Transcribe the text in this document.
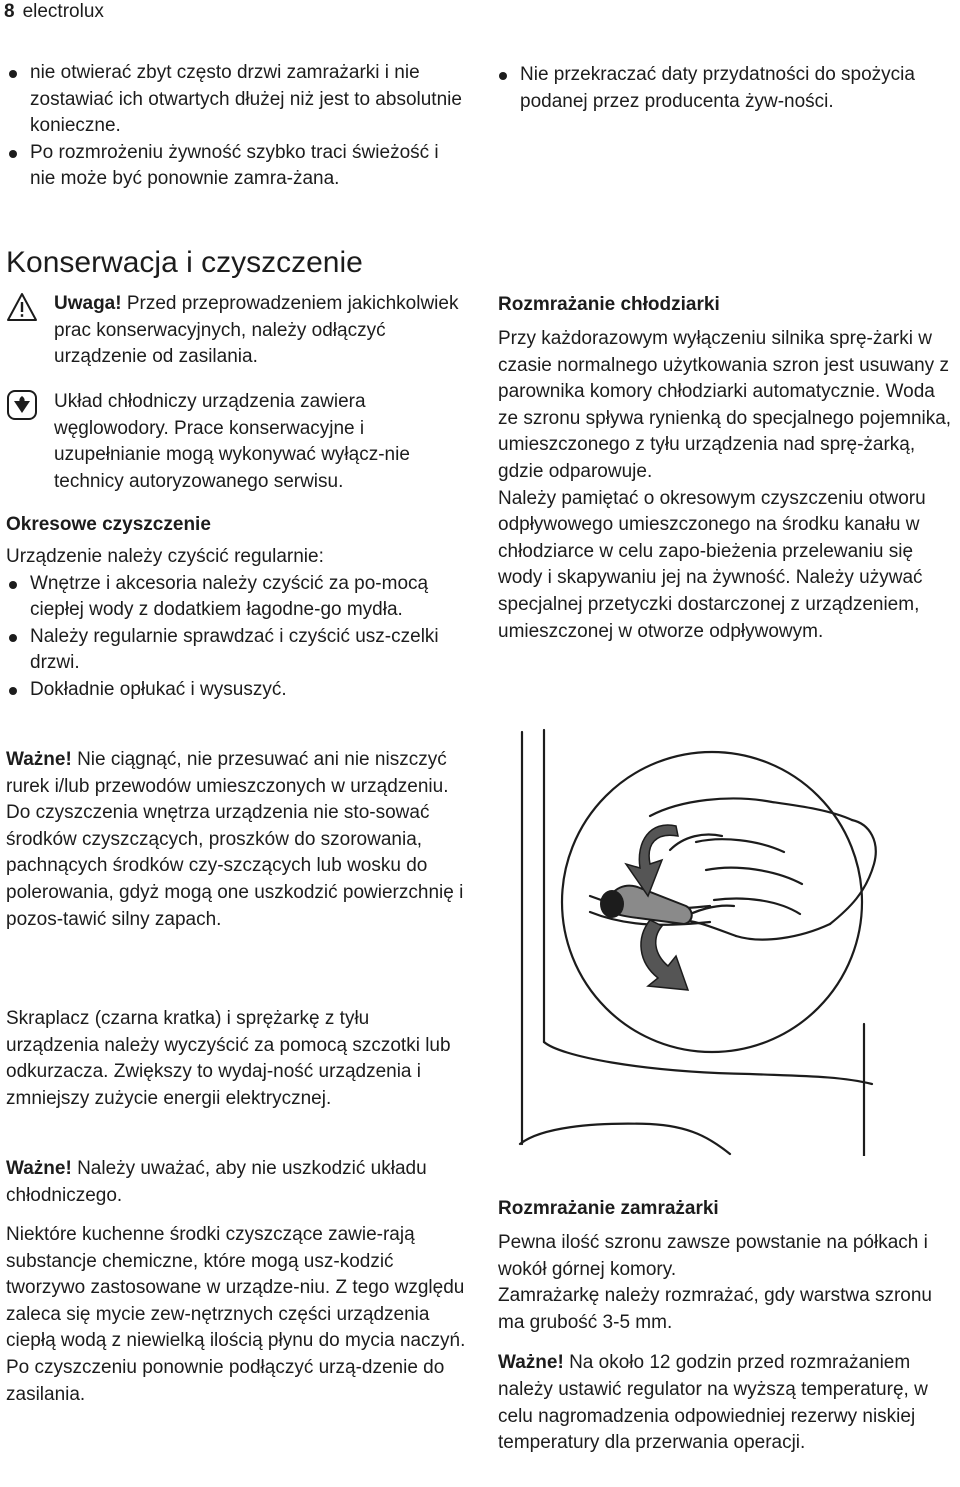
8 electrolux
nie otwierać zbyt często drzwi zamrażarki i nie zostawiać ich otwartych dłużej niż jest to absolutnie konieczne.
Po rozmrożeniu żywność szybko traci świeżość i nie może być ponownie zamra-żana.
Konserwacja i czyszczenie

Uwaga! Przed przeprowadzeniem jakichkolwiek prac konserwacyjnych, należy odłączyć urządzenie od zasilania.

Układ chłodniczy urządzenia zawiera węglowodory. Prace konserwacyjne i uzupełnianie mogą wykonywać wyłącz-nie technicy autoryzowanego serwisu.

Okresowe czyszczenie

Urządzenie należy czyścić regularnie:

Wnętrze i akcesoria należy czyścić za po-mocą ciepłej wody z dodatkiem łagodne-go mydła.
Należy regularnie sprawdzać i czyścić usz-czelki drzwi.
Dokładnie opłukać i wysuszyć.

Ważne! Nie ciągnąć, nie przesuwać ani nie niszczyć rurek i/lub przewodów umieszczonych w urządzeniu.

Do czyszczenia wnętrza urządzenia nie sto-sować środków czyszczących, proszków do szorowania, pachnących środków czy-szczących lub wosku do polerowania, gdyż mogą one uszkodzić powierzchnię i pozos-tawić silny zapach.

Skraplacz (czarna kratka) i sprężarkę z tyłu urządzenia należy wyczyścić za pomocą szczotki lub odkurzacza. Zwiększy to wydaj-ność urządzenia i zmniejszy zużycie energii elektrycznej.

Ważne! Należy uważać, aby nie uszkodzić układu chłodniczego.

Niektóre kuchenne środki czyszczące zawie-rają substancje chemiczne, które mogą usz-kodzić tworzywo zastosowane w urządze-niu. Z tego względu zaleca się mycie zew-nętrznych części urządzenia ciepłą wodą z niewielką ilością płynu do mycia naczyń.

Po czyszczeniu ponownie podłączyć urzą-dzenie do zasilania.

Nie przekraczać daty przydatności do spożycia podanej przez producenta żyw-ności.
Rozmrażanie chłodziarki

Przy każdorazowym wyłączeniu silnika sprę-żarki w czasie normalnego użytkowania szron jest usuwany z parownika komory chłodziarki automatycznie. Woda ze szronu spływa rynienką do specjalnego pojemnika, umieszczonego z tyłu urządzenia nad sprę-żarką, gdzie odparowuje.

Należy pamiętać o okresowym czyszczeniu otworu odpływowego umieszczonego na środku kanału w chłodziarce w celu zapo-bieżenia przelewaniu się wody i skapywaniu jej na żywność. Należy używać specjalnej przetyczki dostarczonej z urządzeniem, umieszczonej w otworze odpływowym.

Rozmrażanie zamrażarki

Pewna ilość szronu zawsze powstanie na półkach i wokół górnej komory.

Zamrażarkę należy rozmrażać, gdy warstwa szronu ma grubość 3-5 mm.

Ważne! Na około 12 godzin przed rozmrażaniem należy ustawić regulator na wyższą temperaturę, w celu nagromadzenia odpowiedniej rezerwy niskiej temperatury dla przerwania operacji.
